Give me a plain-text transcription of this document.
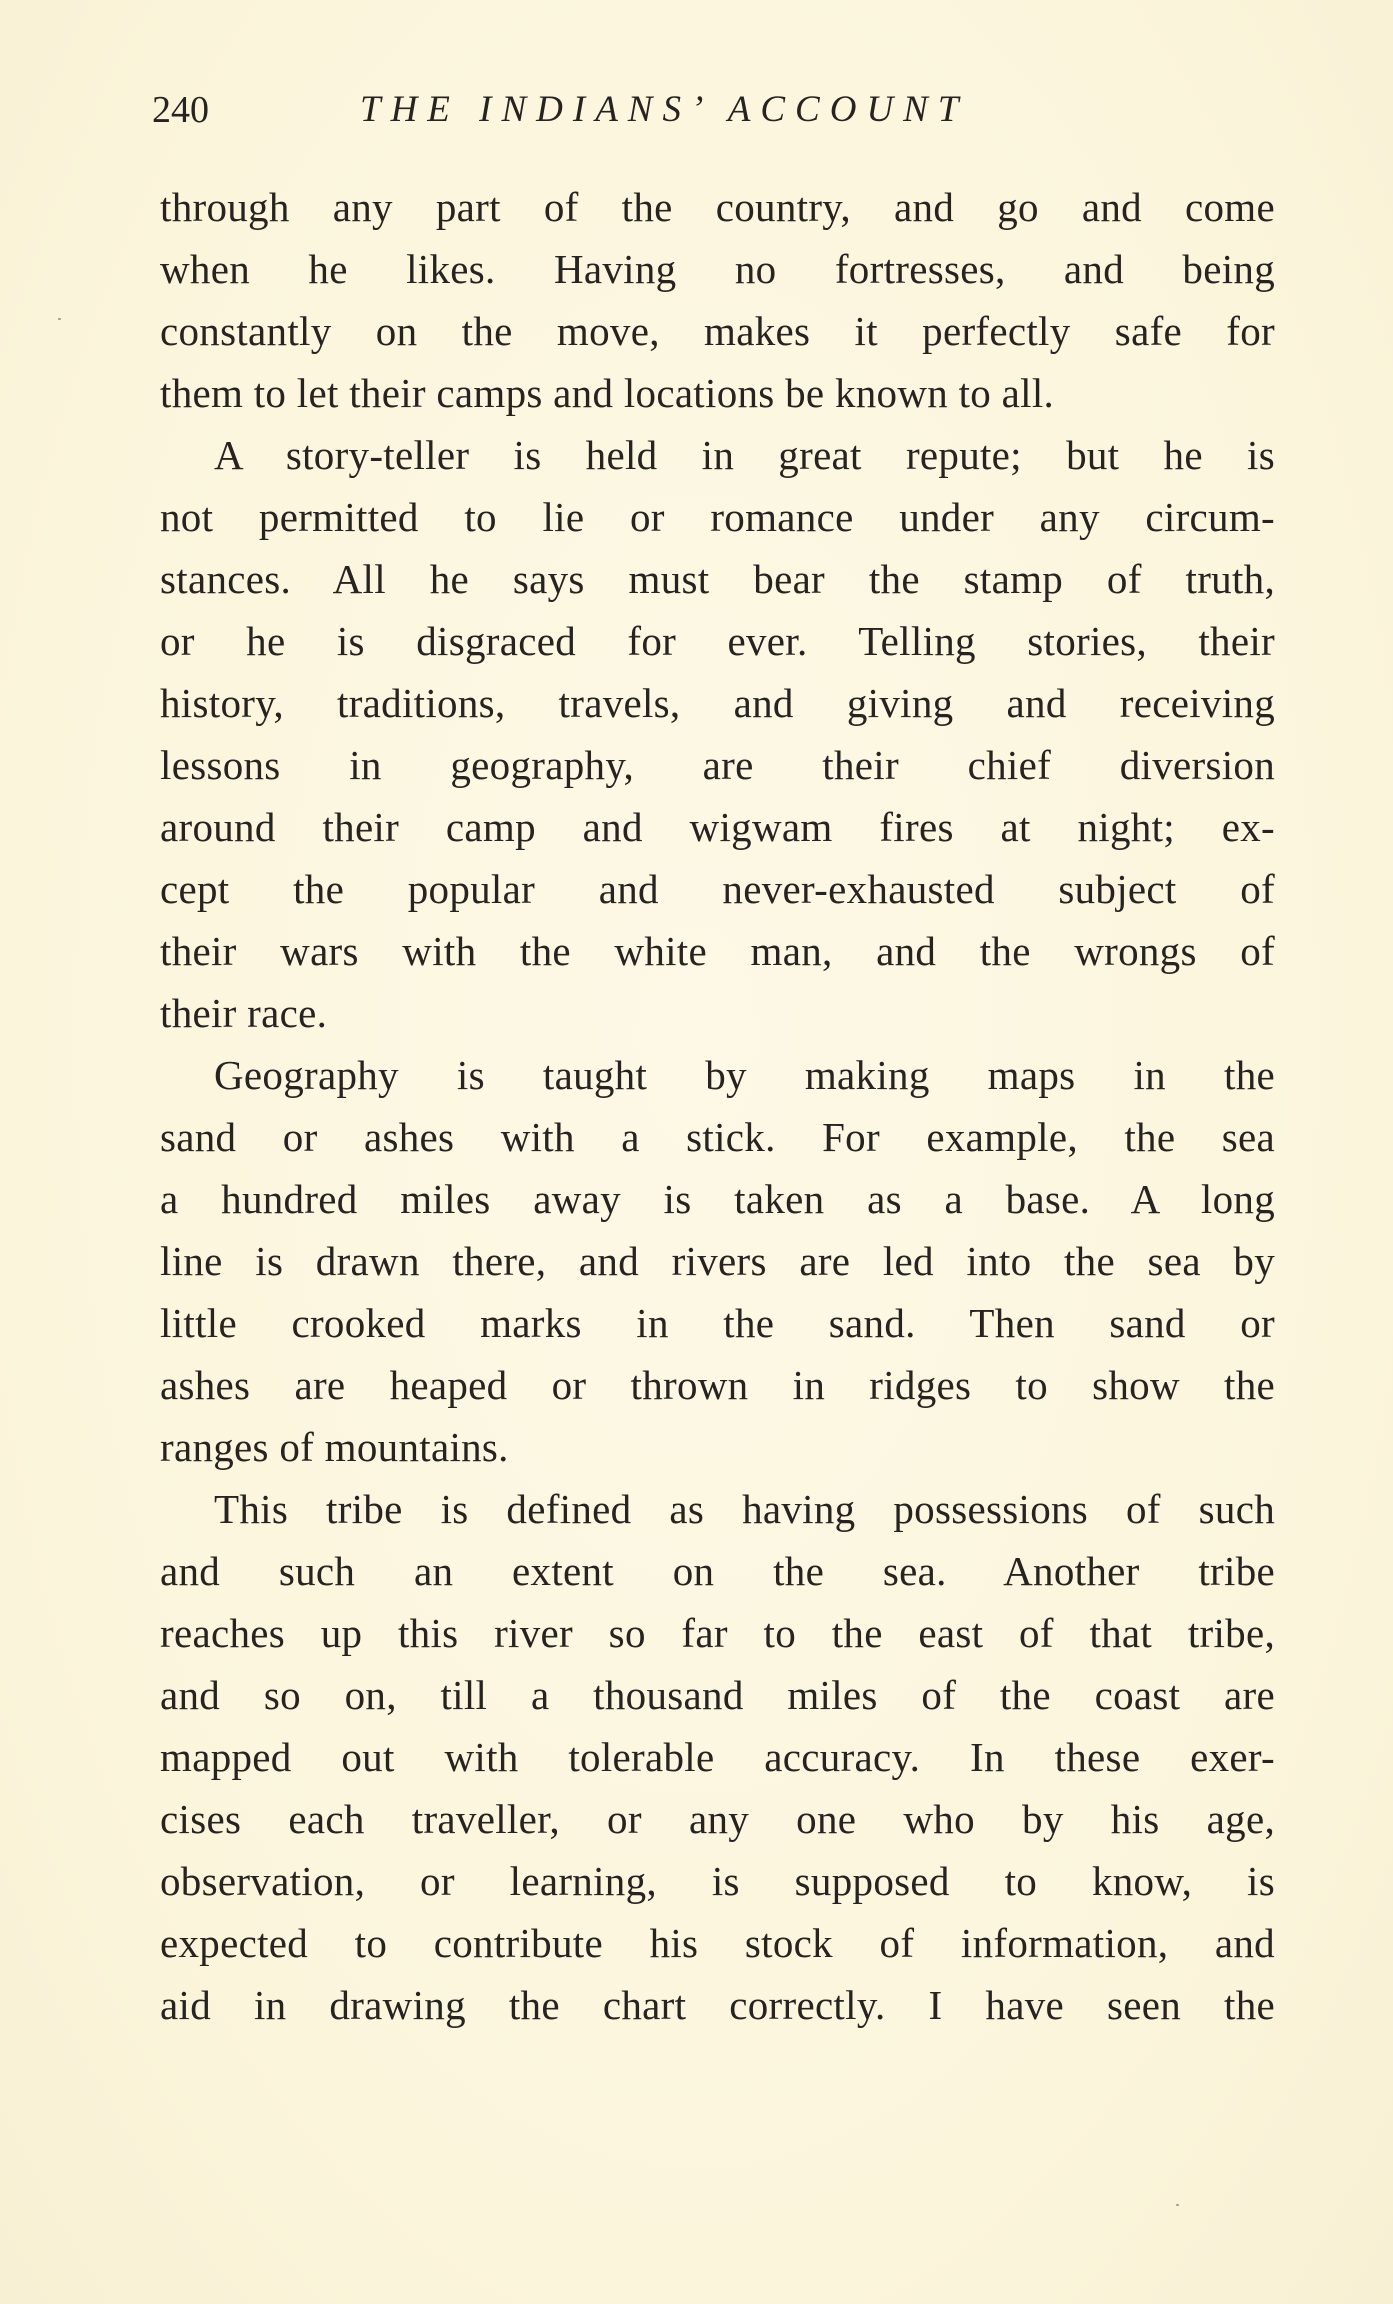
240	THE INDIANS’ ACCOUNT
through any part of the country, and go and come
when he likes. Having no fortresses, and being
constantly on the move, makes it perfectly safe for
them to let their camps and locations be known to all.
A story-teller is held in great repute; but he is
not permitted to lie or romance under any circum-
stances. All he says must bear the stamp of truth,
or he is disgraced for ever. Telling stories, their
history, traditions, travels, and giving and receiving
lessons in geography, are their chief diversion
around their camp and wigwam fires at night; ex-
cept the popular and never-exhausted subject of
their wars with the white man, and the wrongs of
their race.
Geography is taught by making maps in the
sand or ashes with a stick. For example, the sea
a hundred miles away is taken as a base. A long
line is drawn there, and rivers are led into the sea by
little crooked marks in the sand. Then sand or
ashes are heaped or thrown in ridges to show the
ranges of mountains.
This tribe is defined as having possessions of such
and such an extent on the sea. Another tribe
reaches up this river so far to the east of that tribe,
and so on, till a thousand miles of the coast are
mapped out with tolerable accuracy. In these exer-
cises each traveller, or any one who by his age,
observation, or learning, is supposed to know, is
expected to contribute his stock of information, and
aid in drawing the chart correctly. I have seen the
